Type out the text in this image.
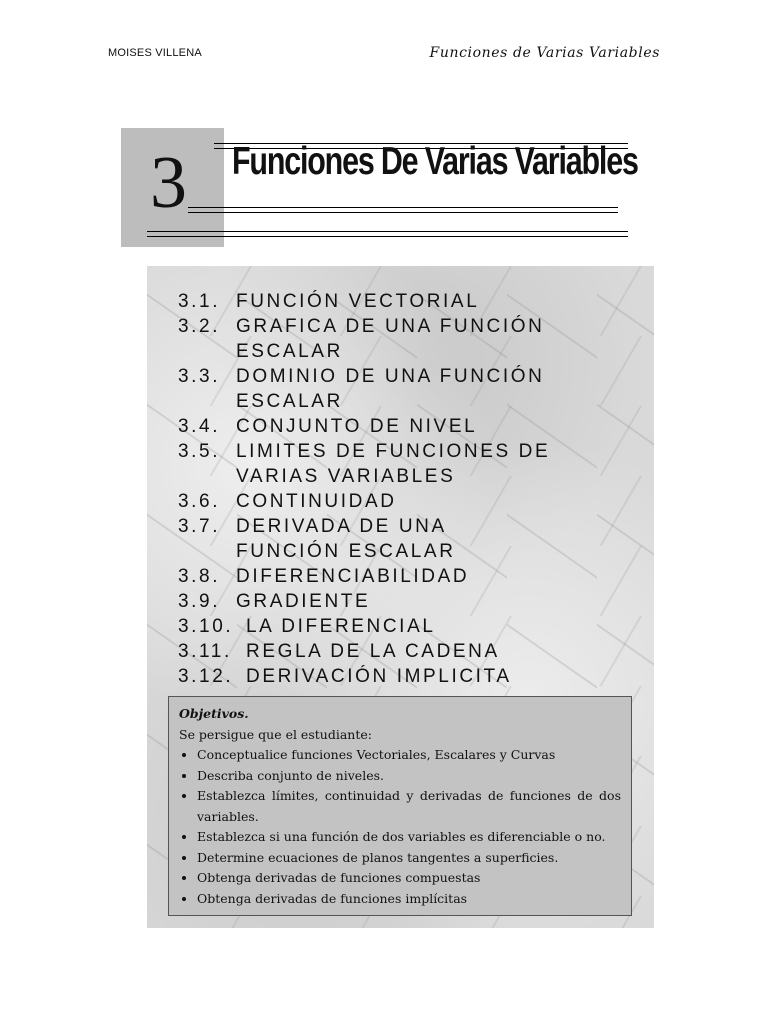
MOISES VILLENA	Funciones de Varias Variables
3 Funciones De Varias Variables
3.1. FUNCIÓN VECTORIAL
3.2. GRAFICA DE UNA FUNCIÓN ESCALAR
3.3. DOMINIO DE UNA FUNCIÓN ESCALAR
3.4. CONJUNTO DE NIVEL
3.5. LIMITES DE FUNCIONES DE VARIAS VARIABLES
3.6. CONTINUIDAD
3.7. DERIVADA DE UNA FUNCIÓN ESCALAR
3.8. DIFERENCIABILIDAD
3.9. GRADIENTE
3.10. LA DIFERENCIAL
3.11. REGLA DE LA CADENA
3.12. DERIVACIÓN IMPLICITA
Objetivos.
Se persigue que el estudiante:
• Conceptualice funciones Vectoriales, Escalares y Curvas
• Describa conjunto de niveles.
• Establezca límites, continuidad y derivadas de funciones de dos variables.
• Establezca si una función de dos variables es diferenciable o no.
• Determine ecuaciones de planos tangentes a superficies.
• Obtenga derivadas de funciones compuestas
• Obtenga derivadas de funciones implícitas
